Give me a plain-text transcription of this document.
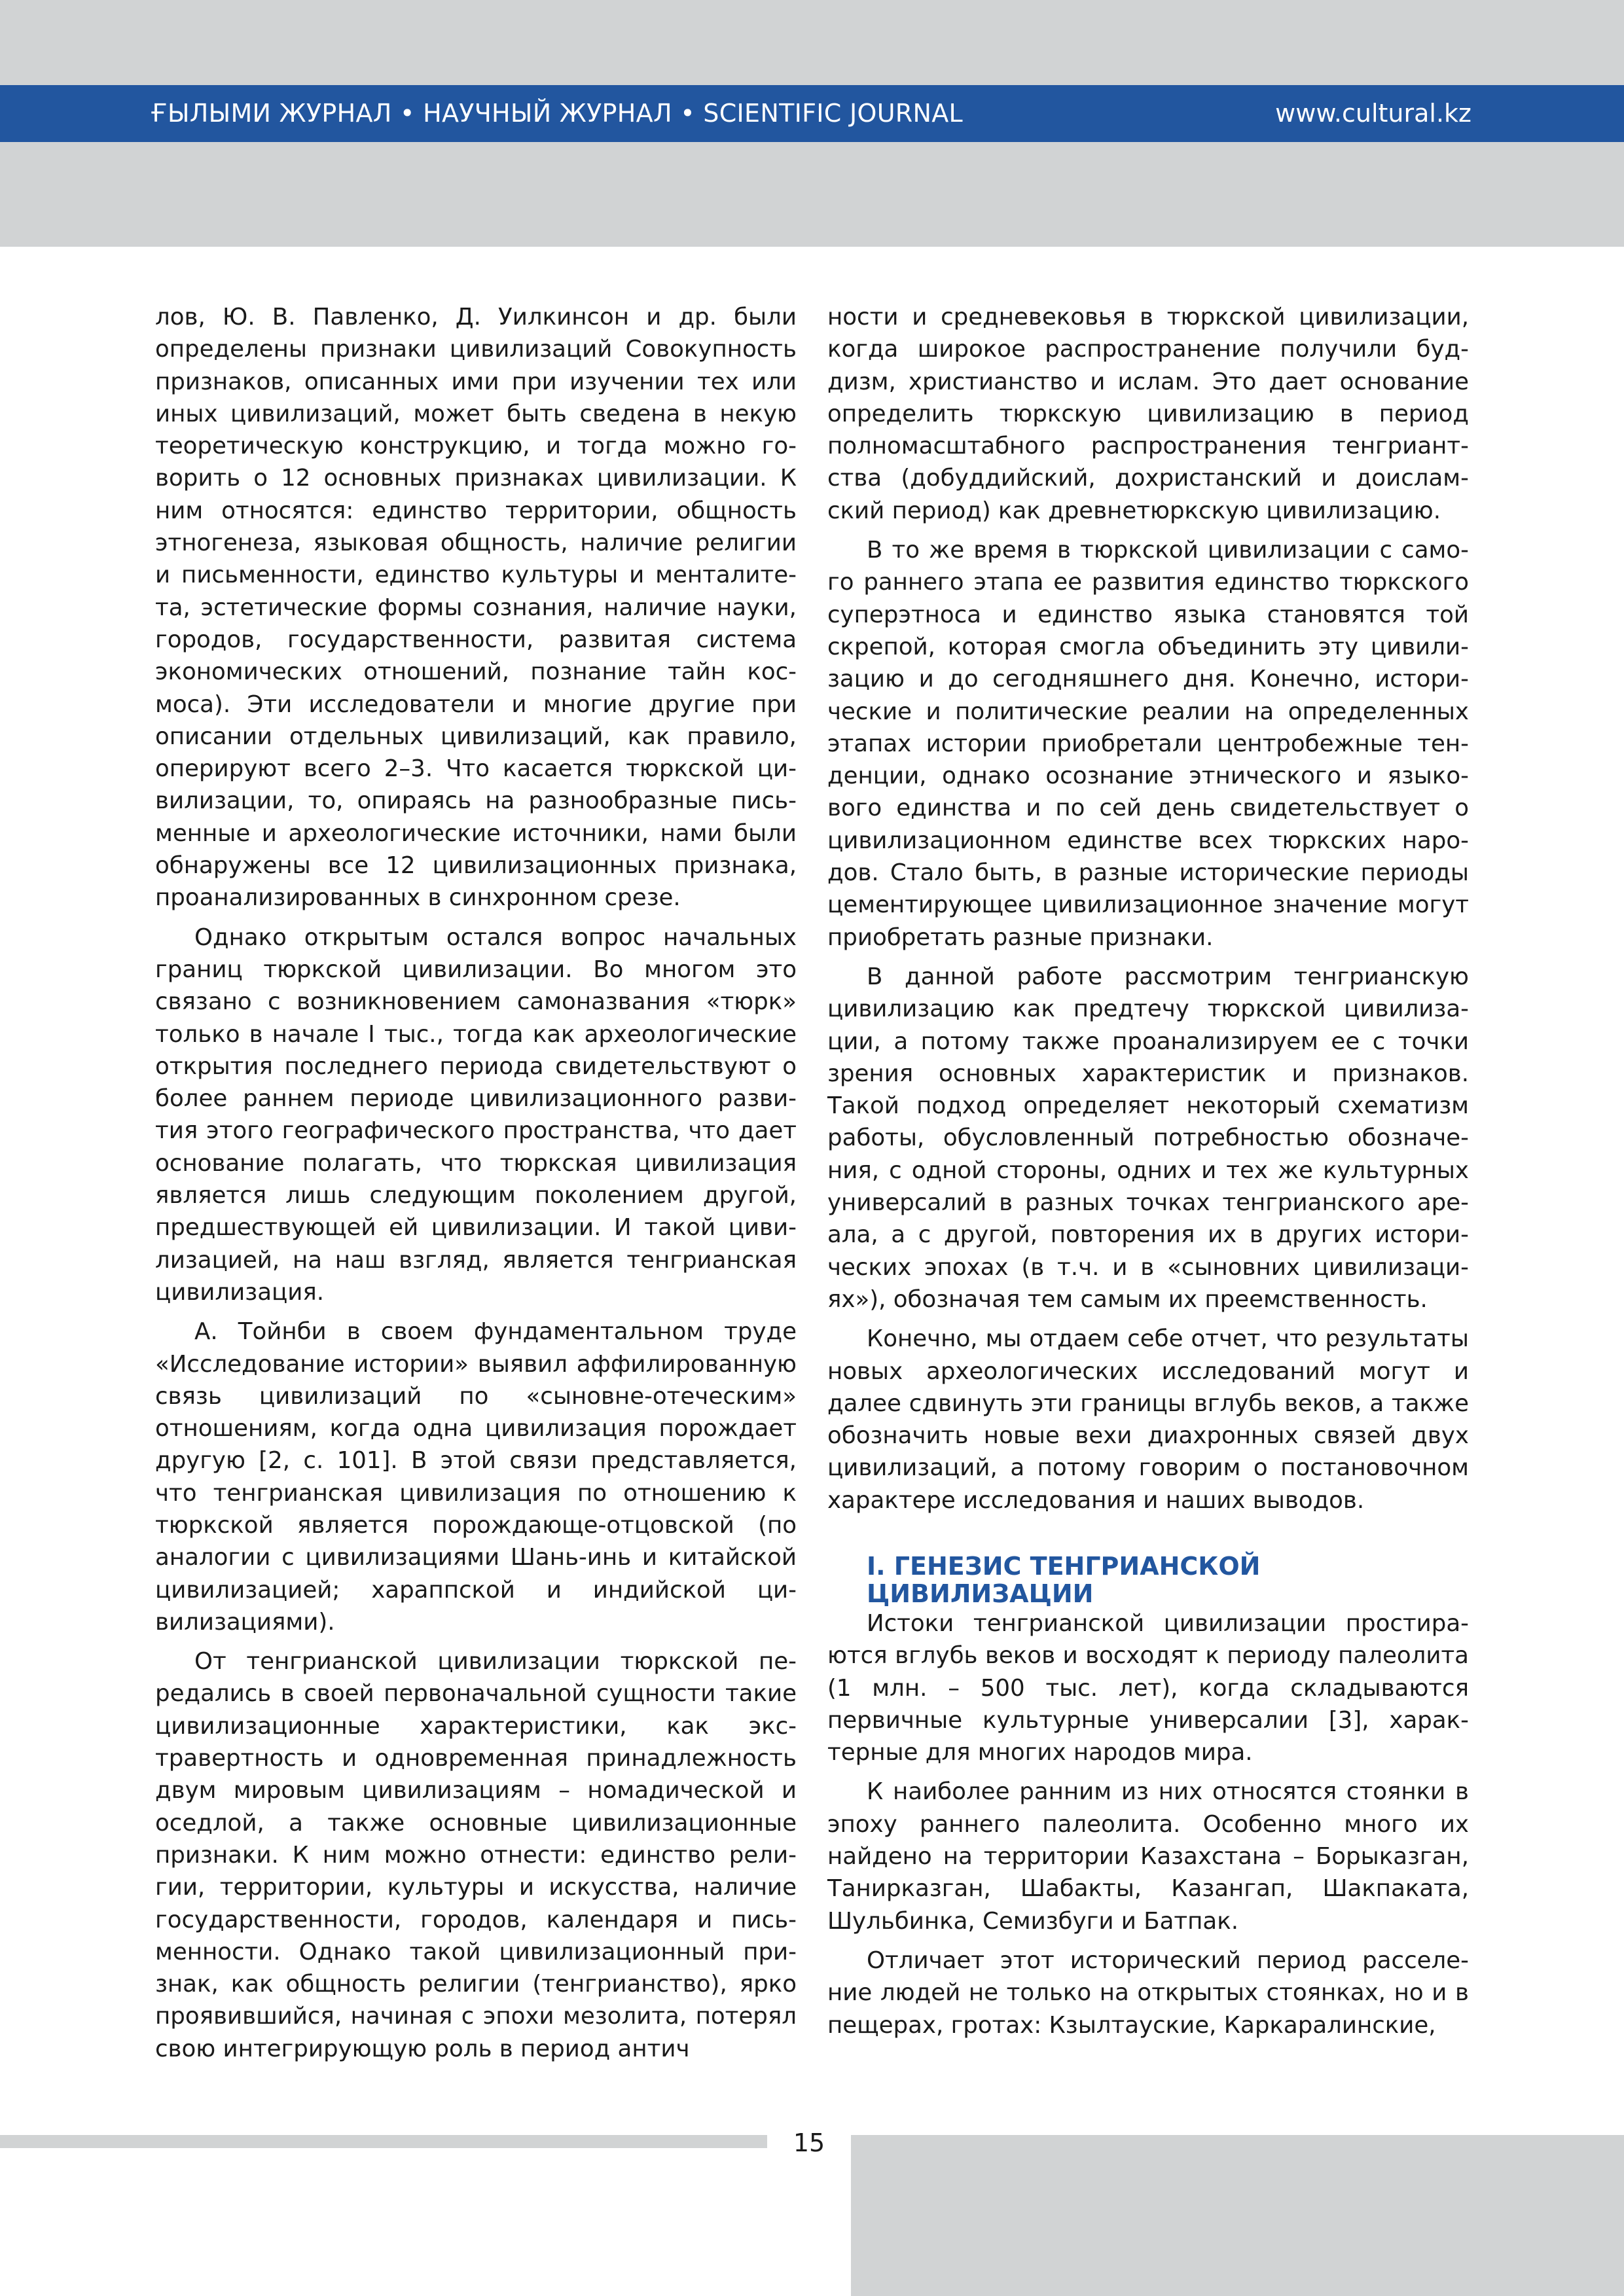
ҒЫЛЫМИ ЖУРНАЛ • НАУЧНЫЙ ЖУРНАЛ • SCIENTIFIC JOURNAL	www.cultural.kz

лов, Ю. В. Павленко, Д. Уилкинсон и др. были определены признаки цивилизаций Совокупность признаков, описанных ими при изучении тех или иных цивилизаций, может быть сведена в некую теоретическую конструкцию, и тогда можно говорить о 12 основных признаках цивилизации. К ним относятся: единство территории, общность этногенеза, языковая общность, наличие религии и письменности, единство культуры и менталитета, эстетические формы сознания, наличие науки, городов, государственности, развитая система экономических отношений, познание тайн космоса). Эти исследователи и многие другие при описании отдельных цивилизаций, как правило, оперируют всего 2–3. Что касается тюркской цивилизации, то, опираясь на разнообразные письменные и археологические источники, нами были обнаружены все 12 цивилизационных признака, проанализированных в синхронном срезе.

Однако открытым остался вопрос начальных границ тюркской цивилизации. Во многом это связано с возникновением самоназвания «тюрк» только в начале I тыс., тогда как археологические открытия последнего периода свидетельствуют о более раннем периоде цивилизационного развития этого географического пространства, что дает основание полагать, что тюркская цивилизация является лишь следующим поколением другой, предшествующей ей цивилизации. И такой цивилизацией, на наш взгляд, является тенгрианская цивилизация.

А. Тойнби в своем фундаментальном труде «Исследование истории» выявил аффилированную связь цивилизаций по «сыновне-отеческим» отношениям, когда одна цивилизация порождает другую [2, с. 101]. В этой связи представляется, что тенгрианская цивилизация по отношению к тюркской является порождающе-отцовской (по аналогии с цивилизациями Шань-инь и китайской цивилизацией; хараппской и индийской цивилизациями).

От тенгрианской цивилизации тюркской передались в своей первоначальной сущности такие цивилизационные характеристики, как экстравертность и одновременная принадлежность двум мировым цивилизациям – номадической и оседлой, а также основные цивилизационные признаки. К ним можно отнести: единство религии, территории, культуры и искусства, наличие государственности, городов, календаря и письменности. Однако такой цивилизационный признак, как общность религии (тенгрианство), ярко проявившийся, начиная с эпохи мезолита, потерял свою интегрирующую роль в период антич

ности и средневековья в тюркской цивилизации, когда широкое распространение получили буддизм, христианство и ислам. Это дает основание определить тюркскую цивилизацию в период полномасштабного распространения тенгриантства (добуддийский, дохристанский и доисламский период) как древнетюркскую цивилизацию.

В то же время в тюркской цивилизации с самого раннего этапа ее развития единство тюркского суперэтноса и единство языка становятся той скрепой, которая смогла объединить эту цивилизацию и до сегодняшнего дня. Конечно, исторические и политические реалии на определенных этапах истории приобретали центробежные тенденции, однако осознание этнического и языкового единства и по сей день свидетельствует о цивилизационном единстве всех тюркских народов. Стало быть, в разные исторические периоды цементирующее цивилизационное значение могут приобретать разные признаки.

В данной работе рассмотрим тенгрианскую цивилизацию как предтечу тюркской цивилизации, а потому также проанализируем ее с точки зрения основных характеристик и признаков. Такой подход определяет некоторый схематизм работы, обусловленный потребностью обозначения, с одной стороны, одних и тех же культурных универсалий в разных точках тенгрианского ареала, а с другой, повторения их в других исторических эпохах (в т.ч. и в «сыновних цивилизациях»), обозначая тем самым их преемственность.

Конечно, мы отдаем себе отчет, что результаты новых археологических исследований могут и далее сдвинуть эти границы вглубь веков, а также обозначить новые вехи диахронных связей двух цивилизаций, а потому говорим о постановочном характере исследования и наших выводов.

I. ГЕНЕЗИС ТЕНГРИАНСКОЙ ЦИВИЛИЗАЦИИ

Истоки тенгрианской цивилизации простираются вглубь веков и восходят к периоду палеолита (1 млн. – 500 тыс. лет), когда складываются первичные культурные универсалии [3], характерные для многих народов мира.

К наиболее ранним из них относятся стоянки в эпоху раннего палеолита. Особенно много их найдено на территории Казахстана – Борыказган, Танирказган, Шабакты, Казангап, Шакпаката, Шульбинка, Семизбуги и Батпак.

Отличает этот исторический период расселение людей не только на открытых стоянках, но и в пещерах, гротах: Кзылтауские, Каркаралинские,

15
